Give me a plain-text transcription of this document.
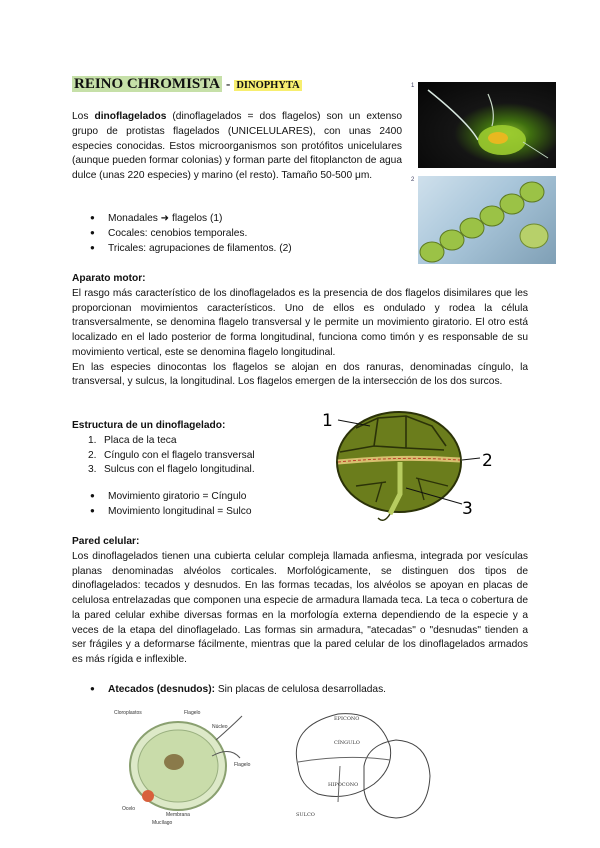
REINO CHROMISTA - DINOPHYTA	1
2

Los dinoflagelados (dinoflagelados = dos flagelos) son un extenso grupo de protistas flagelados (UNICELULARES), con unas 2400 especies conocidas. Estos microorganismos son protófitos unicelulares (aunque pueden formar colonias) y forman parte del fitoplancton de agua dulce (unas 220 especies) y marino (el resto). Tamaño 50-500 μm.

● Monadales ➜ flagelos (1)
● Cocales: cenobios temporales.
● Tricales: agrupaciones de filamentos. (2)

Aparato motor:

El rasgo más característico de los dinoflagelados es la presencia de dos flagelos disimilares que les proporcionan movimientos característicos. Uno de ellos es ondulado y rodea la célula transversalmente, se denomina flagelo transversal y le permite un movimiento giratorio. El otro está localizado en el lado posterior de forma longitudinal, funciona como timón y es responsable de su movimiento vertical, este se denomina flagelo longitudinal.

En las especies dinocontas los flagelos se alojan en dos ranuras, denominadas cíngulo, la transversal, y sulcus, la longitudinal. Los flagelos emergen de la intersección de los dos surcos.

Estructura de un dinoflagelado:

1. Placa de la teca
2. Cíngulo con el flagelo transversal
3. Sulcus con el flagelo longitudinal.
● Movimiento giratorio = Cíngulo
● Movimiento longitudinal = Sulco
1
2
3

Pared celular:

Los dinoflagelados tienen una cubierta celular compleja llamada anfiesma, integrada por vesículas planas denominadas alvéolos corticales. Morfológicamente, se distinguen dos tipos de dinoflagelados: tecados y desnudos. En las formas tecadas, los alvéolos se apoyan en placas de celulosa entrelazadas que componen una especie de armadura llamada teca. La teca o cobertura de la pared celular exhibe diversas formas en la morfología externa dependiendo de la especie y a veces de la etapa del dinoflagelado. Las formas sin armadura, "atecadas" o "desnudas" tienden a ser frágiles y a deformarse fácilmente, mientras que la pared celular de los dinoflagelados armados es más rígida e inflexible.

● Atecados (desnudos): Sin placas de celulosa desarrolladas.
Cloroplastos	Flagelo
Núcleo
Flagelo
Ocelo
Membrana
Mucílago
EPICONO
CÍNGULO
HIPOCONO
SULCO
